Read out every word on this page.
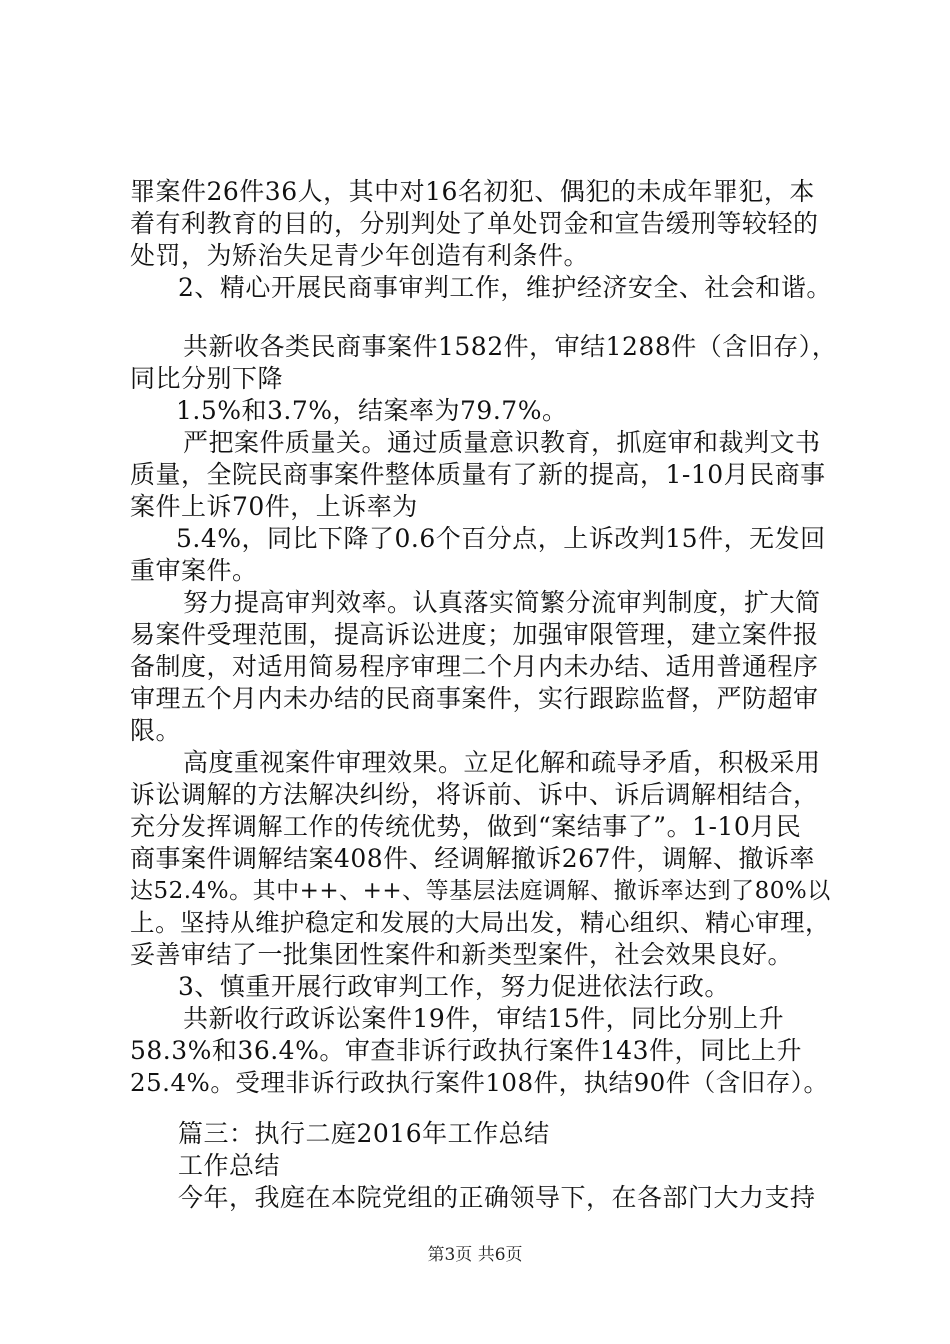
罪案件26件36人，其中对16名初犯、偶犯的未成年罪犯，本
着有利教育的目的，分别判处了单处罚金和宣告缓刑等较轻的
处罚，为矫治失足青少年创造有利条件。
2、精心开展民商事审判工作，维护经济安全、社会和谐。
共新收各类民商事案件1582件，审结1288件（含旧存），
同比分别下降
1.5%和3.7%，结案率为79.7%。
严把案件质量关。通过质量意识教育，抓庭审和裁判文书
质量，全院民商事案件整体质量有了新的提高，1-10月民商事
案件上诉70件，上诉率为
5.4%，同比下降了0.6个百分点，上诉改判15件，无发回
重审案件。
努力提高审判效率。认真落实简繁分流审判制度，扩大简
易案件受理范围，提高诉讼进度；加强审限管理，建立案件报
备制度，对适用简易程序审理二个月内未办结、适用普通程序
审理五个月内未办结的民商事案件，实行跟踪监督，严防超审
限。
高度重视案件审理效果。立足化解和疏导矛盾，积极采用
诉讼调解的方法解决纠纷，将诉前、诉中、诉后调解相结合，
充分发挥调解工作的传统优势，做到“案结事了”。1-10月民
商事案件调解结案408件、经调解撤诉267件，调解、撤诉率
达52.4%。其中++、++、等基层法庭调解、撤诉率达到了80%以
上。坚持从维护稳定和发展的大局出发，精心组织、精心审理，
妥善审结了一批集团性案件和新类型案件，社会效果良好。
3、慎重开展行政审判工作，努力促进依法行政。
共新收行政诉讼案件19件，审结15件，同比分别上升
58.3%和36.4%。审查非诉行政执行案件143件，同比上升
25.4%。受理非诉行政执行案件108件，执结90件（含旧存）。
篇三：执行二庭2016年工作总结
工作总结
今年，我庭在本院党组的正确领导下，在各部门大力支持
第3页 共6页
